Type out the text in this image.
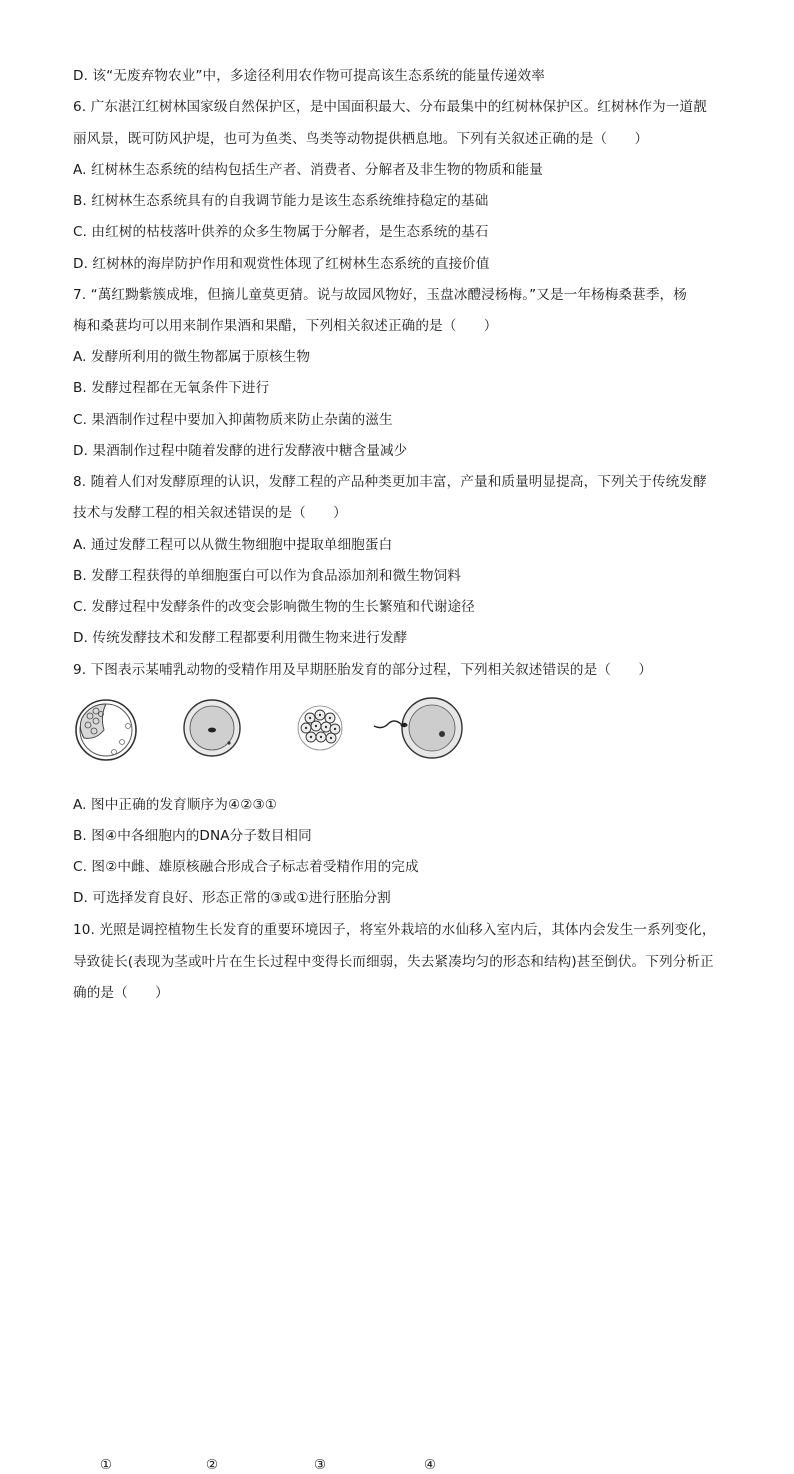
D. 该“无废弃物农业”中，多途径利用农作物可提高该生态系统的能量传递效率
6. 广东湛江红树林国家级自然保护区，是中国面积最大、分布最集中的红树林保护区。红树林作为一道靓
丽风景，既可防风护堤，也可为鱼类、鸟类等动物提供栖息地。下列有关叙述正确的是（　　）
A. 红树林生态系统的结构包括生产者、消费者、分解者及非生物的物质和能量
B. 红树林生态系统具有的自我调节能力是该生态系统维持稳定的基础
C. 由红树的枯枝落叶供养的众多生物属于分解者，是生态系统的基石
D. 红树林的海岸防护作用和观赏性体现了红树林生态系统的直接价值
7. “萬红黝紫簇成堆，但摘儿童莫更猜。说与故园风物好，玉盘冰醴浸杨梅。”又是一年杨梅桑葚季，杨
梅和桑葚均可以用来制作果酒和果醋，下列相关叙述正确的是（　　）
A. 发酵所利用的微生物都属于原核生物
B. 发酵过程都在无氧条件下进行
C. 果酒制作过程中要加入抑菌物质来防止杂菌的滋生
D. 果酒制作过程中随着发酵的进行发酵液中糖含量减少
8. 随着人们对发酵原理的认识，发酵工程的产品种类更加丰富，产量和质量明显提高，下列关于传统发酵
技术与发酵工程的相关叙述错误的是（　　）
A. 通过发酵工程可以从微生物细胞中提取单细胞蛋白
B. 发酵工程获得的单细胞蛋白可以作为食品添加剂和微生物饲料
C. 发酵过程中发酵条件的改变会影响微生物的生长繁殖和代谢途径
D. 传统发酵技术和发酵工程都要利用微生物来进行发酵
9. 下图表示某哺乳动物的受精作用及早期胚胎发育的部分过程，下列相关叙述错误的是（　　）
①	②	③	④
A. 图中正确的发育顺序为④②③①
B. 图④中各细胞内的DNA分子数目相同
C. 图②中雌、雄原核融合形成合子标志着受精作用的完成
D. 可选择发育良好、形态正常的③或①进行胚胎分割
10. 光照是调控植物生长发育的重要环境因子，将室外栽培的水仙移入室内后，其体内会发生一系列变化，
导致徒长(表现为茎或叶片在生长过程中变得长而细弱，失去紧凑均匀的形态和结构)甚至倒伏。下列分析正
确的是（　　）
